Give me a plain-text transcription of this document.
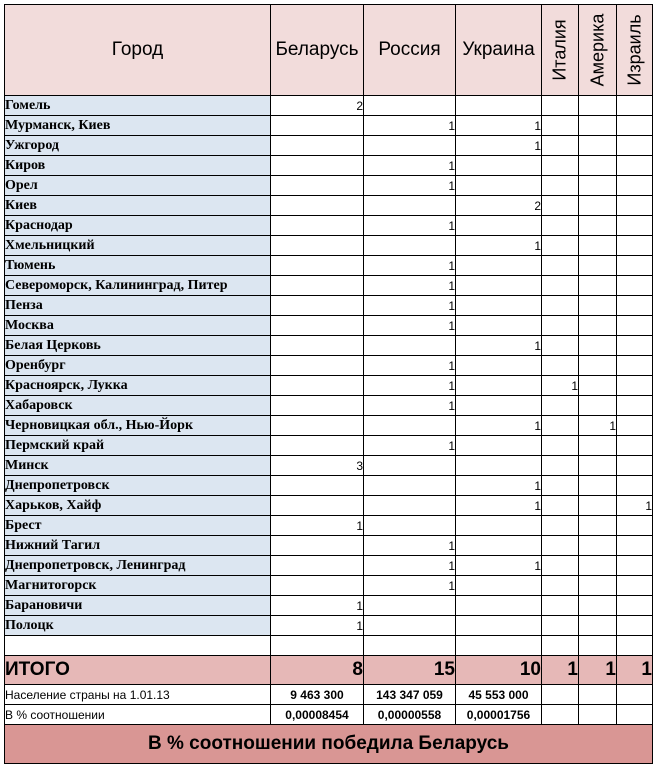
Город	Беларусь	Россия	Украина	Италия	Америка	Израиль

Гомель	2					
Мурманск, Киев		1	1			
Ужгород			1			
Киров		1				
Орел		1				
Киев			2			
Краснодар		1				
Хмельницкий			1			
Тюмень		1				
Североморск, Калининград, Питер		1				
Пенза		1				
Москва		1				
Белая Церковь			1			
Оренбург		1				
Красноярск, Лукка		1		1		
Хабаровск		1				
Черновицкая обл., Нью-Йорк			1		1	
Пермский край		1				
Минск	3					
Днепропетровск			1			
Харьков, Хайф			1			1
Брест	1					
Нижний Тагил		1				
Днепропетровск, Ленинград		1	1			
Магнитогорск		1				
Барановичи	1					
Полоцк	1					

ИТОГО	8	15	10	1	1	1
Население страны на 1.01.13	9 463 300	143 347 059	45 553 000			
В % соотношении	0,00008454	0,00000558	0,00001756			
В % соотношении победила Беларусь						
